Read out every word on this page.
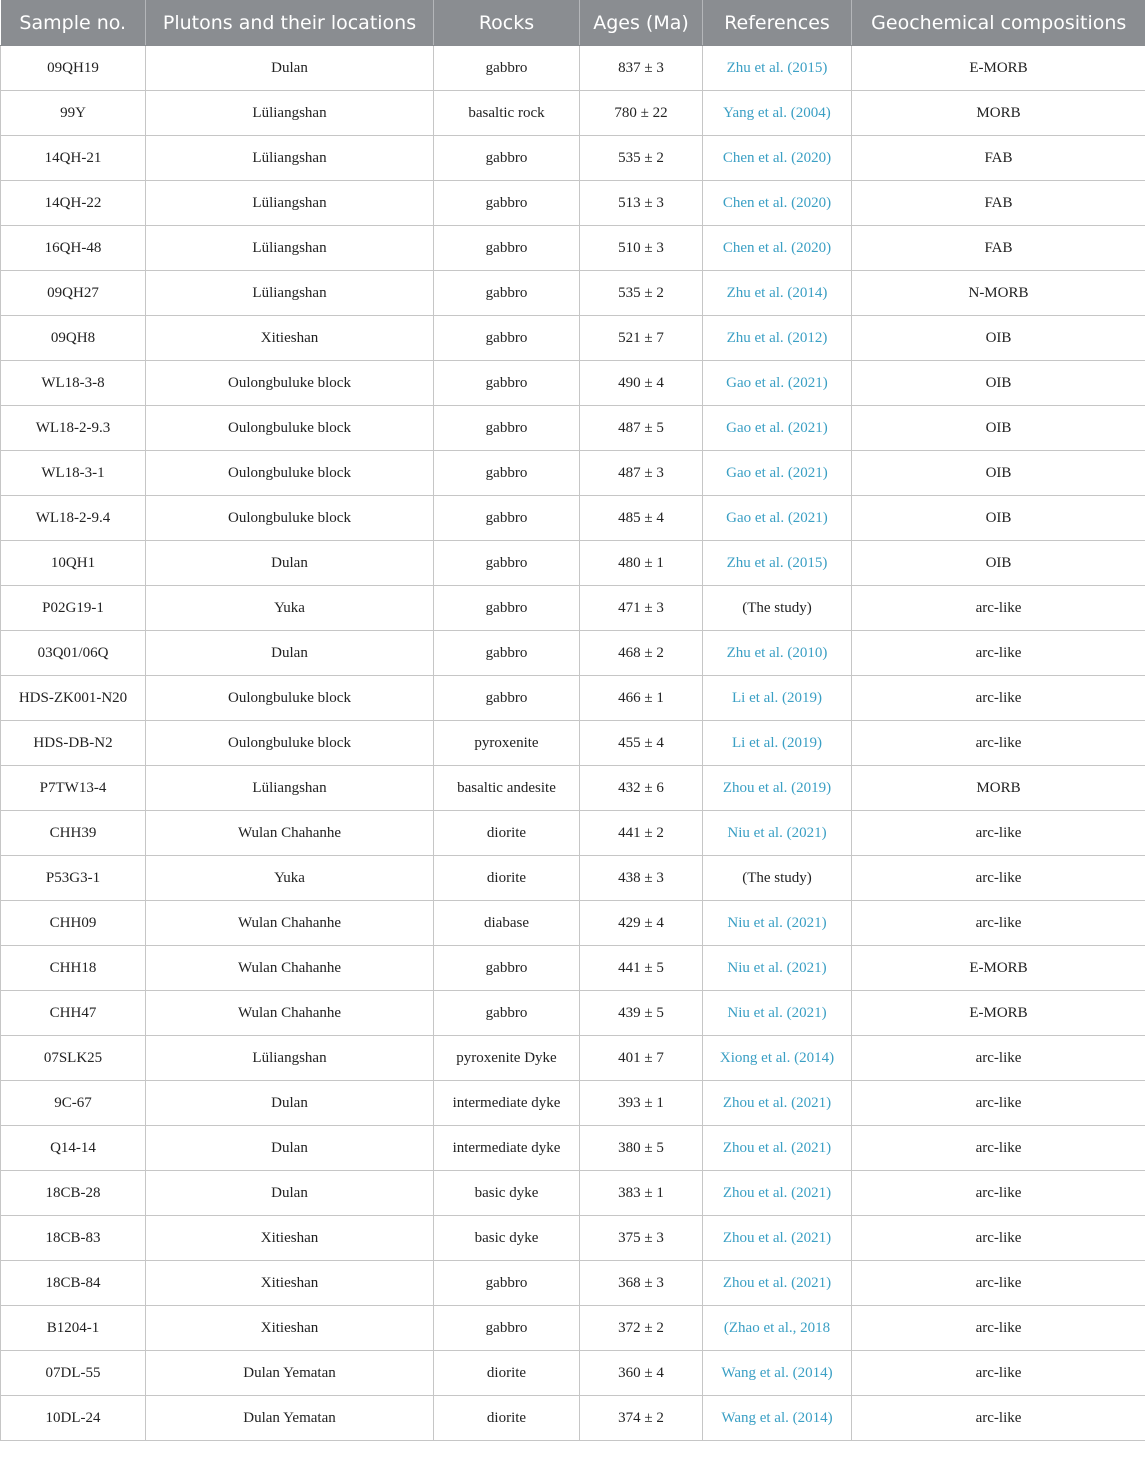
Sample no.	Plutons and their locations	Rocks	Ages (Ma)	References	Geochemical compositions
09QH19	Dulan	gabbro	837 ± 3	Zhu et al. (2015)	E-MORB
99Y	Lüliangshan	basaltic rock	780 ± 22	Yang et al. (2004)	MORB
14QH-21	Lüliangshan	gabbro	535 ± 2	Chen et al. (2020)	FAB
14QH-22	Lüliangshan	gabbro	513 ± 3	Chen et al. (2020)	FAB
16QH-48	Lüliangshan	gabbro	510 ± 3	Chen et al. (2020)	FAB
09QH27	Lüliangshan	gabbro	535 ± 2	Zhu et al. (2014)	N-MORB
09QH8	Xitieshan	gabbro	521 ± 7	Zhu et al. (2012)	OIB
WL18-3-8	Oulongbuluke block	gabbro	490 ± 4	Gao et al. (2021)	OIB
WL18-2-9.3	Oulongbuluke block	gabbro	487 ± 5	Gao et al. (2021)	OIB
WL18-3-1	Oulongbuluke block	gabbro	487 ± 3	Gao et al. (2021)	OIB
WL18-2-9.4	Oulongbuluke block	gabbro	485 ± 4	Gao et al. (2021)	OIB
10QH1	Dulan	gabbro	480 ± 1	Zhu et al. (2015)	OIB
P02G19-1	Yuka	gabbro	471 ± 3	(The study)	arc-like
03Q01/06Q	Dulan	gabbro	468 ± 2	Zhu et al. (2010)	arc-like
HDS-ZK001-N20	Oulongbuluke block	gabbro	466 ± 1	Li et al. (2019)	arc-like
HDS-DB-N2	Oulongbuluke block	pyroxenite	455 ± 4	Li et al. (2019)	arc-like
P7TW13-4	Lüliangshan	basaltic andesite	432 ± 6	Zhou et al. (2019)	MORB
CHH39	Wulan Chahanhe	diorite	441 ± 2	Niu et al. (2021)	arc-like
P53G3-1	Yuka	diorite	438 ± 3	(The study)	arc-like
CHH09	Wulan Chahanhe	diabase	429 ± 4	Niu et al. (2021)	arc-like
CHH18	Wulan Chahanhe	gabbro	441 ± 5	Niu et al. (2021)	E-MORB
CHH47	Wulan Chahanhe	gabbro	439 ± 5	Niu et al. (2021)	E-MORB
07SLK25	Lüliangshan	pyroxenite Dyke	401 ± 7	Xiong et al. (2014)	arc-like
9C-67	Dulan	intermediate dyke	393 ± 1	Zhou et al. (2021)	arc-like
Q14-14	Dulan	intermediate dyke	380 ± 5	Zhou et al. (2021)	arc-like
18CB-28	Dulan	basic dyke	383 ± 1	Zhou et al. (2021)	arc-like
18CB-83	Xitieshan	basic dyke	375 ± 3	Zhou et al. (2021)	arc-like
18CB-84	Xitieshan	gabbro	368 ± 3	Zhou et al. (2021)	arc-like
B1204-1	Xitieshan	gabbro	372 ± 2	(Zhao et al., 2018	arc-like
07DL-55	Dulan Yematan	diorite	360 ± 4	Wang et al. (2014)	arc-like
10DL-24	Dulan Yematan	diorite	374 ± 2	Wang et al. (2014)	arc-like
